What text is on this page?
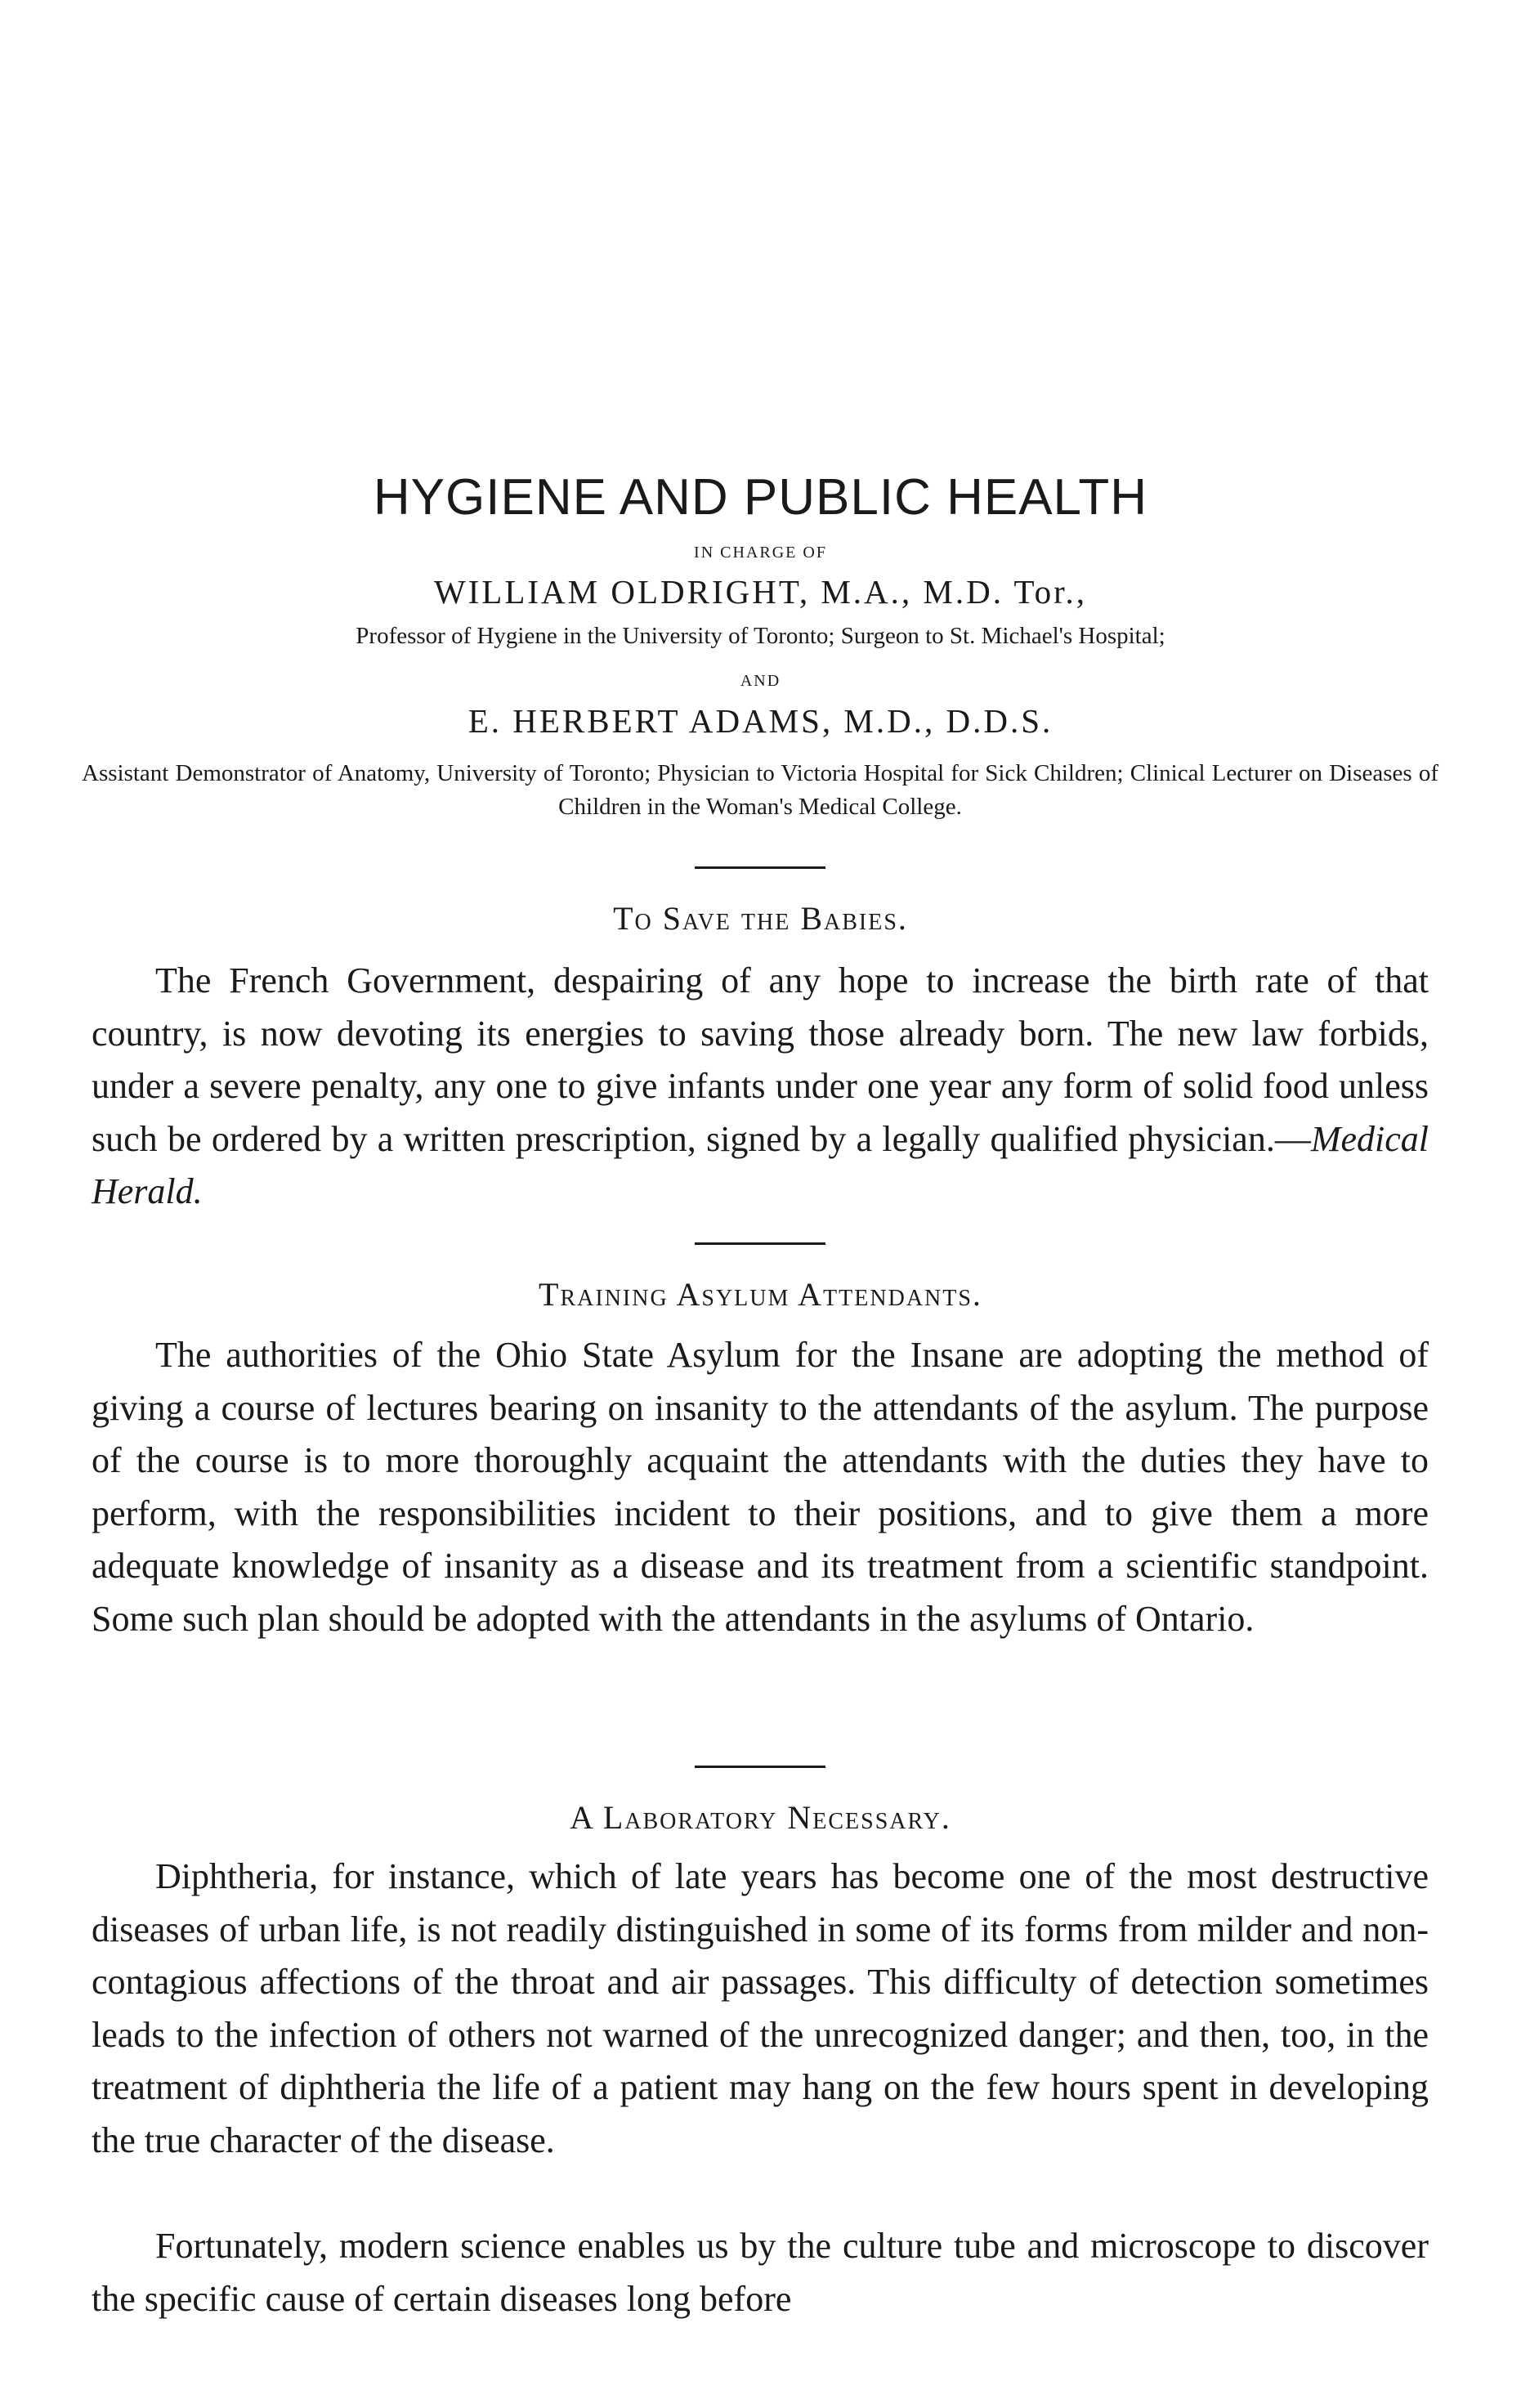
HYGIENE AND PUBLIC HEALTH
IN CHARGE OF
WILLIAM OLDRIGHT, M.A., M.D. Tor.,
Professor of Hygiene in the University of Toronto; Surgeon to St. Michael's Hospital;
AND
E. HERBERT ADAMS, M.D., D.D.S.
Assistant Demonstrator of Anatomy, University of Toronto; Physician to Victoria Hospital for Sick Children; Clinical Lecturer on Diseases of Children in the Woman's Medical College.
To Save the Babies.

The French Government, despairing of any hope to increase the birth rate of that country, is now devoting its energies to saving those already born. The new law forbids, under a severe penalty, any one to give infants under one year any form of solid food unless such be ordered by a written prescription, signed by a legally qualified physician.—Medical Herald.

Training Asylum Attendants.

The authorities of the Ohio State Asylum for the Insane are adopting the method of giving a course of lectures bearing on insanity to the attendants of the asylum. The purpose of the course is to more thoroughly acquaint the attendants with the duties they have to perform, with the responsibilities incident to their positions, and to give them a more adequate knowledge of insanity as a disease and its treatment from a scientific standpoint. Some such plan should be adopted with the attendants in the asylums of Ontario.

A Laboratory Necessary.

Diphtheria, for instance, which of late years has become one of the most destructive diseases of urban life, is not readily distinguished in some of its forms from milder and non-contagious affections of the throat and air passages. This difficulty of detection sometimes leads to the infection of others not warned of the unrecognized danger; and then, too, in the treatment of diphtheria the life of a patient may hang on the few hours spent in developing the true character of the disease.

Fortunately, modern science enables us by the culture tube and microscope to discover the specific cause of certain diseases long before
